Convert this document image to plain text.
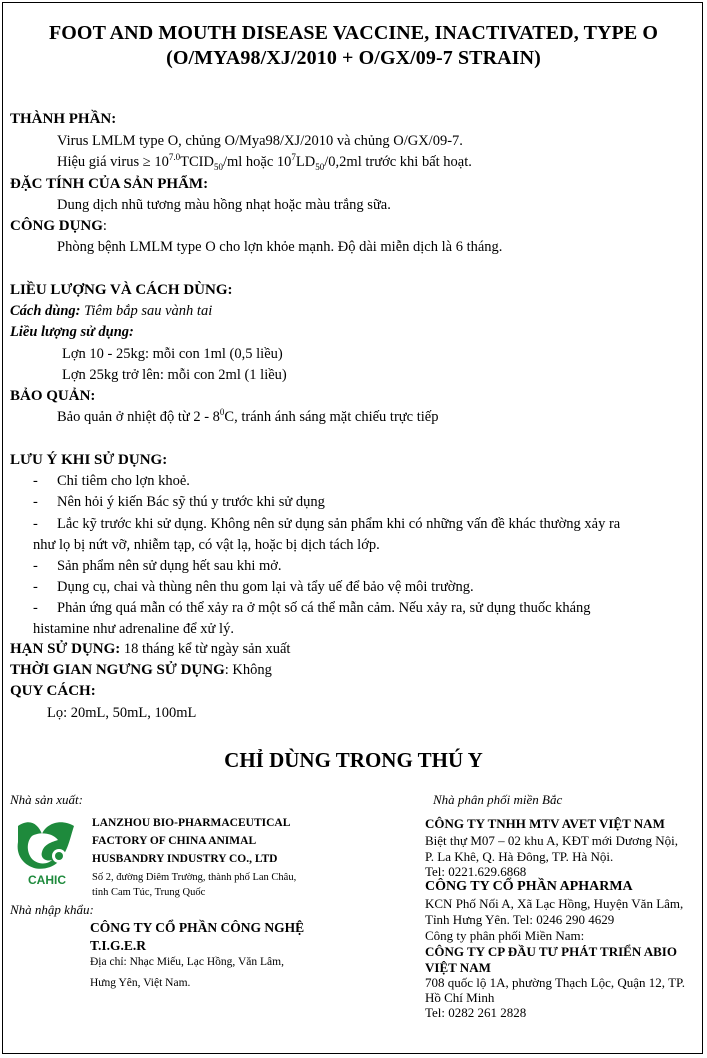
FOOT AND MOUTH DISEASE VACCINE, INACTIVATED, TYPE O
(O/MYA98/XJ/2010 + O/GX/09-7 STRAIN)
THÀNH PHẦN:
Virus LMLM type O, chủng O/Mya98/XJ/2010 và chủng O/GX/09-7.
Hiệu giá virus ≥ $10^{7.0}TCID_{50}/ml$ hoặc $10^7LD_{50}/0,2ml$ trước khi bất hoạt.
ĐẶC TÍNH CỦA SẢN PHẨM:
Dung dịch nhũ tương màu hồng nhạt hoặc màu trắng sữa.
CÔNG DỤNG:
Phòng bệnh LMLM type O cho lợn khỏe mạnh. Độ dài miễn dịch là 6 tháng.
LIỀU LƯỢNG VÀ CÁCH DÙNG:
Cách dùng: Tiêm bắp sau vành tai
Liều lượng sử dụng:
Lợn 10 - 25kg: mỗi con 1ml (0,5 liều)
Lợn 25kg trở lên: mỗi con 2ml (1 liều)
BẢO QUẢN:
Bảo quản ở nhiệt độ từ $2 - 8^0C$, tránh ánh sáng mặt chiếu trực tiếp
LƯU Ý KHI SỬ DỤNG:
- Chỉ tiêm cho lợn khoẻ.
- Nên hỏi ý kiến Bác sỹ thú y trước khi sử dụng
- Lắc kỹ trước khi sử dụng. Không nên sử dụng sản phẩm khi có những vấn đề khác thường xảy ra
như lọ bị nứt vỡ, nhiễm tạp, có vật lạ, hoặc bị dịch tách lớp.
- Sản phẩm nên sử dụng hết sau khi mở.
- Dụng cụ, chai và thùng nên thu gom lại và tẩy uế để bảo vệ môi trường.
- Phản ứng quá mẫn có thể xảy ra ở một số cá thể mẫn cảm. Nếu xảy ra, sử dụng thuốc kháng
histamine như adrenaline để xử lý.
HẠN SỬ DỤNG: 18 tháng kể từ ngày sản xuất
THỜI GIAN NGƯNG SỬ DỤNG: Không
QUY CÁCH:
Lọ: 20mL, 50mL, 100mL
CHỈ DÙNG TRONG THÚ Y
Nhà sản xuất:
CAHIC
LANZHOU BIO-PHARMACEUTICAL
FACTORY OF CHINA ANIMAL
HUSBANDRY INDUSTRY CO., LTD
Số 2, đường Diêm Trường, thành phố Lan Châu,
tỉnh Cam Túc, Trung Quốc
Nhà nhập khẩu:
CÔNG TY CỔ PHẦN CÔNG NGHỆ
T.I.G.E.R
Địa chỉ: Nhạc Miếu, Lạc Hồng, Văn Lâm,
Hưng Yên, Việt Nam.
Nhà phân phối miền Bắc
CÔNG TY TNHH MTV AVET VIỆT NAM
Biệt thự M07 – 02 khu A, KĐT mới Dương Nội,
P. La Khê, Q. Hà Đông, TP. Hà Nội.
Tel: 0221.629.6868
CÔNG TY CỔ PHẦN APHARMA
KCN Phố Nối A, Xã Lạc Hồng, Huyện Văn Lâm,
Tỉnh Hưng Yên. Tel: 0246 290 4629
Công ty phân phối Miền Nam:
CÔNG TY CP ĐẦU TƯ PHÁT TRIỂN ABIO
VIỆT NAM
708 quốc lộ 1A, phường Thạch Lộc, Quận 12, TP.
Hồ Chí Minh
Tel: 0282 261 2828
